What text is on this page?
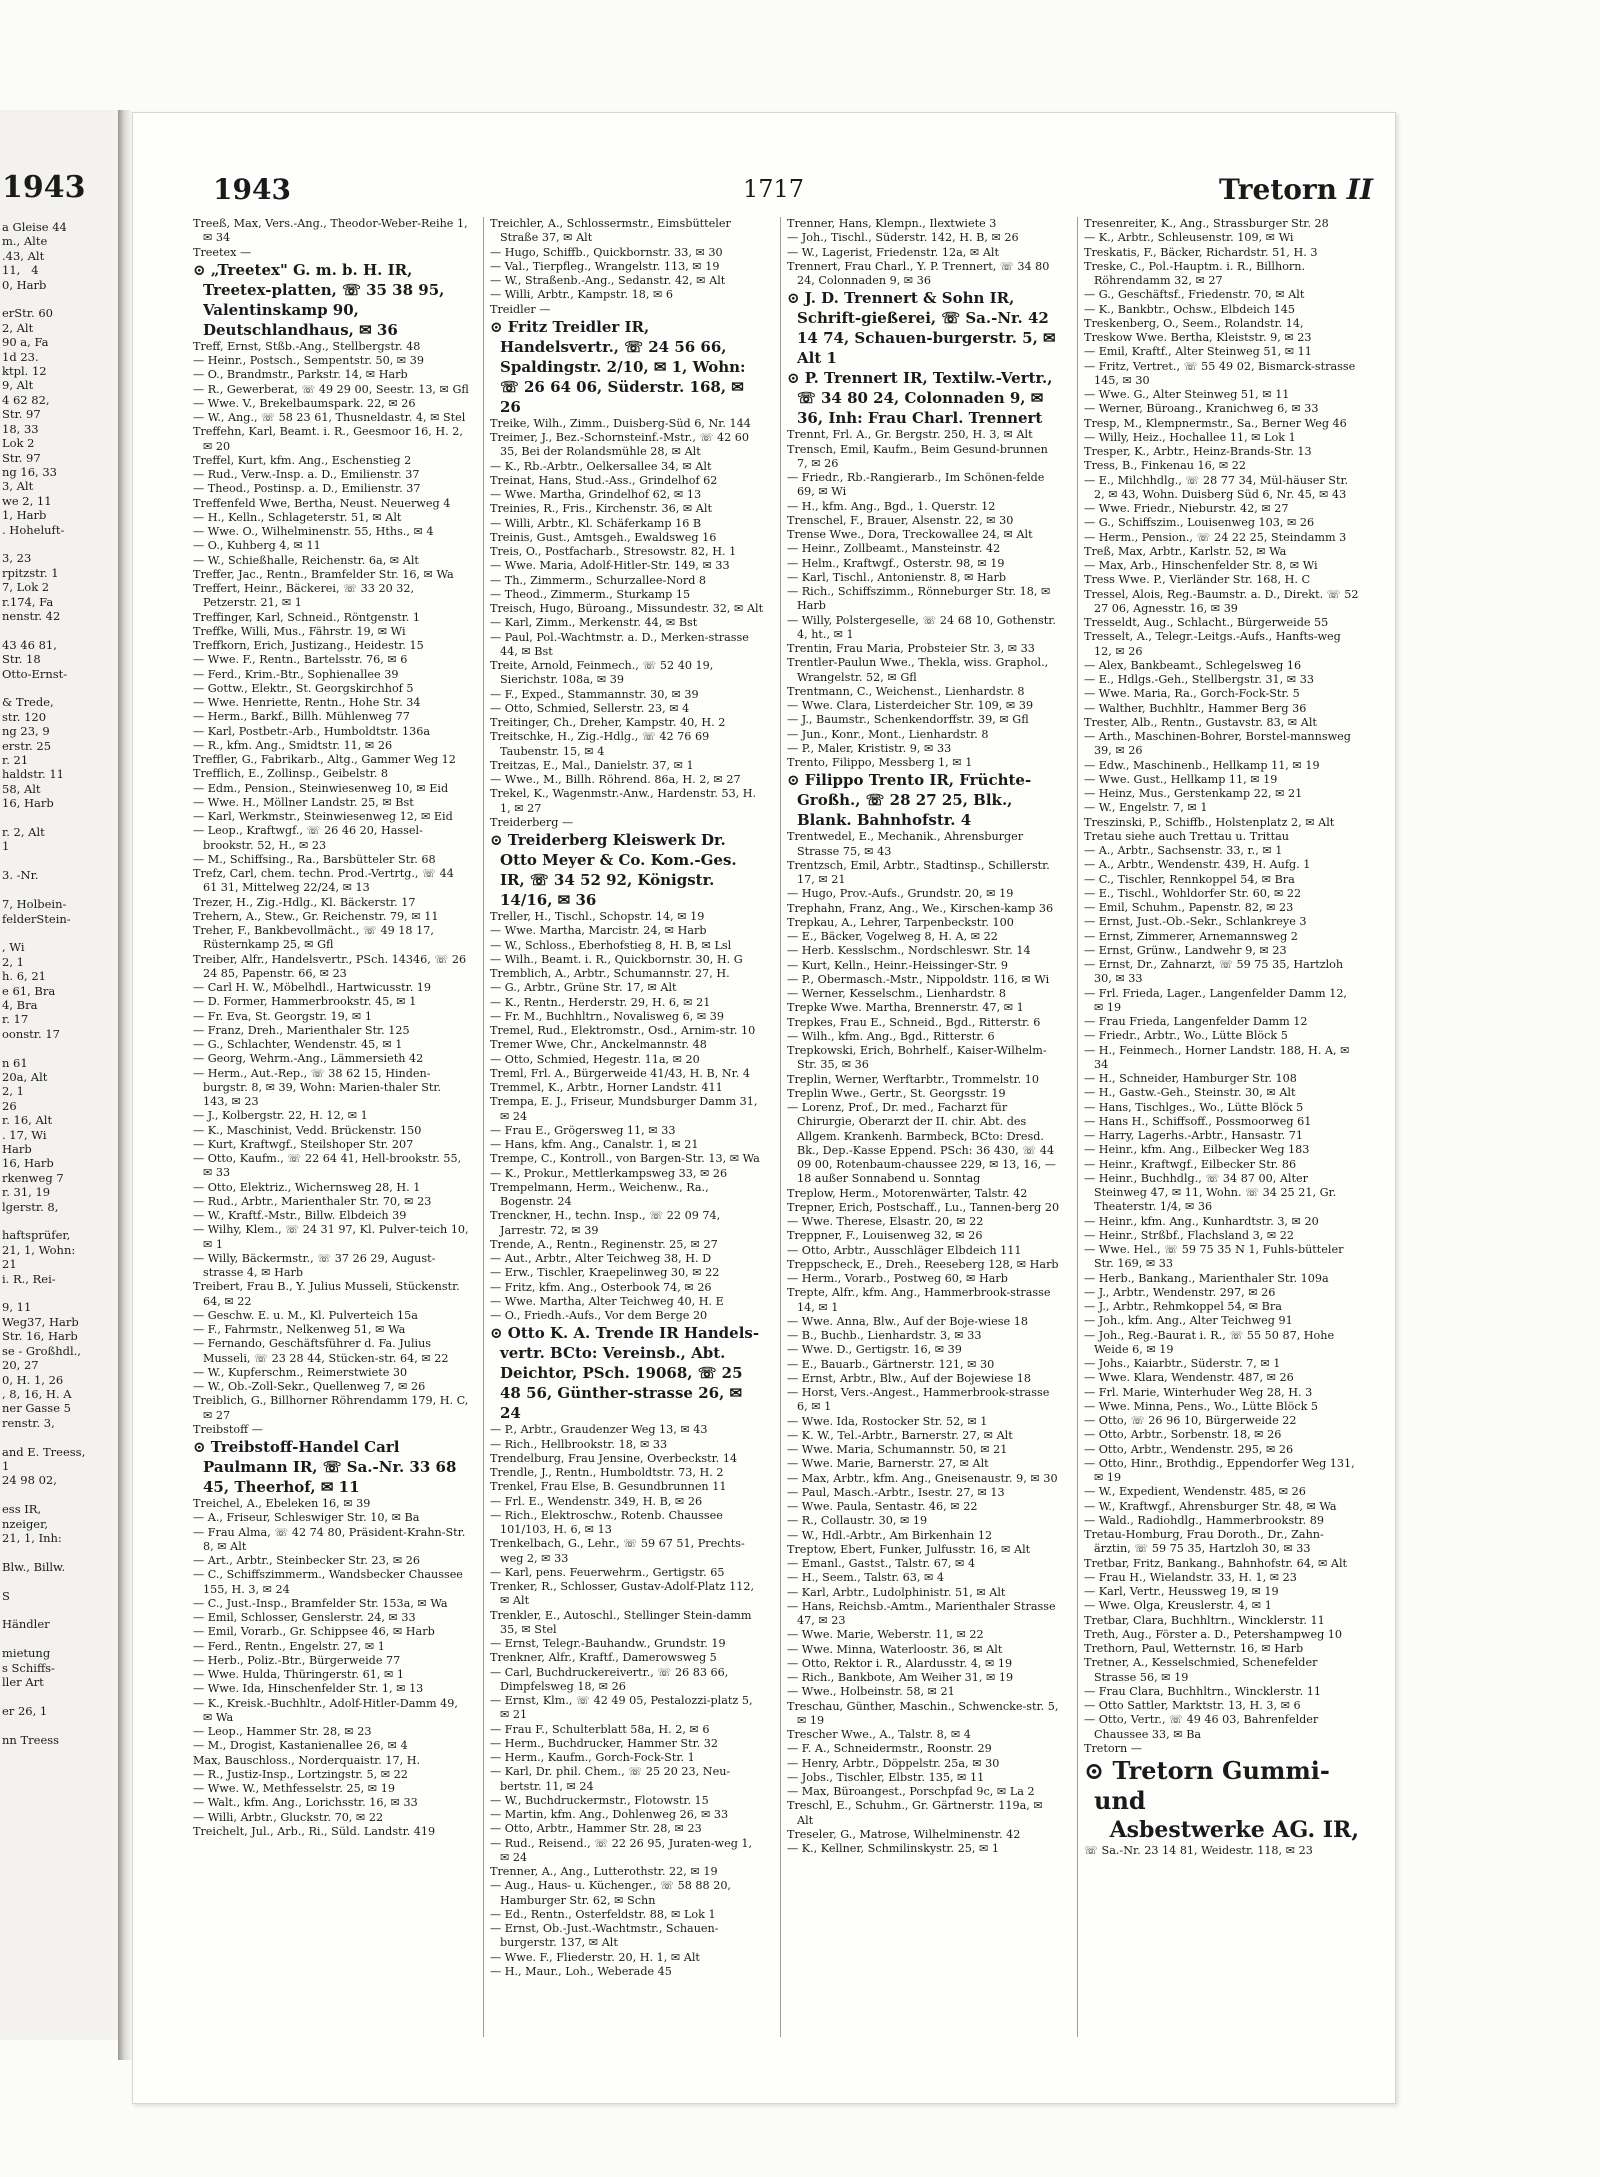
1943
a Gleise 44
m., Alte
.43, Alt
11,   4
0, Harb

erStr. 60
2, Alt
90 a, Fa
1d 23.
ktpl. 12
9, Alt
4 62 82,
Str. 97
18, 33
Lok 2
Str. 97
ng 16, 33
3, Alt
we 2, 11
1, Harb
. Hoheluft-

3, 23
rpitzstr. 1
7, Lok 2
r.174, Fa
nenstr. 42

43 46 81,
Str. 18
Otto-Ernst-

& Trede,
str. 120
ng 23, 9
erstr. 25
r. 21
haldstr. 11
58, Alt
16, Harb

r. 2, Alt
1

3. -Nr.

7, Holbein-
felderStein-

, Wi
2, 1
h. 6, 21
e 61, Bra
4, Bra
r. 17
oonstr. 17

n 61
20a, Alt
2, 1
26
r. 16, Alt
. 17, Wi
Harb
16, Harb
rkenweg 7
r. 31, 19
lgerstr. 8,

haftsprüfer,
21, 1, Wohn:
21
i. R., Rei-

9, 11
Weg37, Harb
Str. 16, Harb
se - Großhdl.,
20, 27
0, H. 1, 26
, 8, 16, H. A
ner Gasse 5
renstr. 3,

and E. Treess,
1
24 98 02,

ess IR,
nzeiger,
21, 1, Inh:

Blw., Billw.

S

Händler

mietung
s Schiffs-
ller Art

er 26, 1

nn Treess
1943	1717	Tretorn II

Treeß, Max, Vers.-Ang., Theodor-Weber-Reihe 1, ✉ 34

Treetex —

⊙ „Treetex" G. m. b. H. IR, Treetex-platten, ☏ 35 38 95, Valentinskamp 90, Deutschlandhaus, ✉ 36

Treff, Ernst, Stßb.-Ang., Stellbergstr. 48

— Heinr., Postsch., Sempentstr. 50, ✉ 39

— O., Brandmstr., Parkstr. 14, ✉ Harb

— R., Gewerberat, ☏ 49 29 00, Seestr. 13, ✉ Gfl

— Wwe. V., Brekelbaumspark. 22, ✉ 26

— W., Ang., ☏ 58 23 61, Thusneldastr. 4, ✉ Stel

Treffehn, Karl, Beamt. i. R., Geesmoor 16, H. 2, ✉ 20

Treffel, Kurt, kfm. Ang., Eschenstieg 2

— Rud., Verw.-Insp. a. D., Emilienstr. 37

— Theod., Postinsp. a. D., Emilienstr. 37

Treffenfeld Wwe, Bertha, Neust. Neuerweg 4

— H., Kelln., Schlageterstr. 51, ✉ Alt

— Wwe. O., Wilhelminenstr. 55, Hths., ✉ 4

— O., Kuhberg 4, ✉ 11

— W., Schießhalle, Reichenstr. 6a, ✉ Alt

Treffer, Jac., Rentn., Bramfelder Str. 16, ✉ Wa

Treffert, Heinr., Bäckerei, ☏ 33 20 32, Petzerstr. 21, ✉ 1

Treffinger, Karl, Schneid., Röntgenstr. 1

Treffke, Willi, Mus., Fährstr. 19, ✉ Wi

Treffkorn, Erich, Justizang., Heidestr. 15

— Wwe. F., Rentn., Bartelsstr. 76, ✉ 6

— Ferd., Krim.-Btr., Sophienallee 39

— Gottw., Elektr., St. Georgskirchhof 5

— Wwe. Henriette, Rentn., Hohe Str. 34

— Herm., Barkf., Billh. Mühlenweg 77

— Karl, Postbetr.-Arb., Humboldtstr. 136a

— R., kfm. Ang., Smidtstr. 11, ✉ 26

Treffler, G., Fabrikarb., Altg., Gammer Weg 12

Trefflich, E., Zollinsp., Geibelstr. 8

— Edm., Pension., Steinwiesenweg 10, ✉ Eid

— Wwe. H., Möllner Landstr. 25, ✉ Bst

— Karl, Werkmstr., Steinwiesenweg 12, ✉ Eid

— Leop., Kraftwgf., ☏ 26 46 20, Hassel-brookstr. 52, H., ✉ 23

— M., Schiffsing., Ra., Barsbütteler Str. 68

Trefz, Carl, chem. techn. Prod.-Vertrtg., ☏ 44 61 31, Mittelweg 22/24, ✉ 13

Trezer, H., Zig.-Hdlg., Kl. Bäckerstr. 17

Trehern, A., Stew., Gr. Reichenstr. 79, ✉ 11

Treher, F., Bankbevollmächt., ☏ 49 18 17, Rüsternkamp 25, ✉ Gfl

Treiber, Alfr., Handelsvertr., PSch. 14346, ☏ 26 24 85, Papenstr. 66, ✉ 23

— Carl H. W., Möbelhdl., Hartwicusstr. 19

— D. Former, Hammerbrookstr. 45, ✉ 1

— Fr. Eva, St. Georgstr. 19, ✉ 1

— Franz, Dreh., Marienthaler Str. 125

— G., Schlachter, Wendenstr. 45, ✉ 1

— Georg, Wehrm.-Ang., Lämmersieth 42

— Herm., Aut.-Rep., ☏ 38 62 15, Hinden-burgstr. 8, ✉ 39, Wohn: Marien-thaler Str. 143, ✉ 23

— J., Kolbergstr. 22, H. 12, ✉ 1

— K., Maschinist, Vedd. Brückenstr. 150

— Kurt, Kraftwgf., Steilshoper Str. 207

— Otto, Kaufm., ☏ 22 64 41, Hell-brookstr. 55, ✉ 33

— Otto, Elektriz., Wichernsweg 28, H. 1

— Rud., Arbtr., Marienthaler Str. 70, ✉ 23

— W., Kraftf.-Mstr., Billw. Elbdeich 39

— Wilhy, Klem., ☏ 24 31 97, Kl. Pulver-teich 10, ✉ 1

— Willy, Bäckermstr., ☏ 37 26 29, August-strasse 4, ✉ Harb

Treibert, Frau B., Y. Julius Musseli, Stückenstr. 64, ✉ 22

— Geschw. E. u. M., Kl. Pulverteich 15a

— F., Fahrmstr., Nelkenweg 51, ✉ Wa

— Fernando, Geschäftsführer d. Fa. Julius Musseli, ☏ 23 28 44, Stücken-str. 64, ✉ 22

— W., Kupferschm., Reimerstwiete 30

— W., Ob.-Zoll-Sekr., Quellenweg 7, ✉ 26

Treiblich, G., Billhorner Röhrendamm 179, H. C, ✉ 27

Treibstoff —

⊙ Treibstoff-Handel Carl Paulmann IR, ☏ Sa.-Nr. 33 68 45, Theerhof, ✉ 11

Treichel, A., Ebeleken 16, ✉ 39

— A., Friseur, Schleswiger Str. 10, ✉ Ba

— Frau Alma, ☏ 42 74 80, Präsident-Krahn-Str. 8, ✉ Alt

— Art., Arbtr., Steinbecker Str. 23, ✉ 26

— C., Schiffszimmerm., Wandsbecker Chaussee 155, H. 3, ✉ 24

— C., Just.-Insp., Bramfelder Str. 153a, ✉ Wa

— Emil, Schlosser, Genslerstr. 24, ✉ 33

— Emil, Vorarb., Gr. Schippsee 46, ✉ Harb

— Ferd., Rentn., Engelstr. 27, ✉ 1

— Herb., Poliz.-Btr., Bürgerweide 77

— Wwe. Hulda, Thüringerstr. 61, ✉ 1

— Wwe. Ida, Hinschenfelder Str. 1, ✉ 13

— K., Kreisk.-Buchhltr., Adolf-Hitler-Damm 49, ✉ Wa

— Leop., Hammer Str. 28, ✉ 23

— M., Drogist, Kastanienallee 26, ✉ 4

Max, Bauschloss., Norderquaistr. 17, H.

— R., Justiz-Insp., Lortzingstr. 5, ✉ 22

— Wwe. W., Methfesselstr. 25, ✉ 19

— Walt., kfm. Ang., Lorichsstr. 16, ✉ 33

— Willi, Arbtr., Gluckstr. 70, ✉ 22

Treichelt, Jul., Arb., Ri., Süld. Landstr. 419

Treichler, A., Schlossermstr., Eimsbütteler Straße 37, ✉ Alt

— Hugo, Schiffb., Quickbornstr. 33, ✉ 30

— Val., Tierpfleg., Wrangelstr. 113, ✉ 19

— W., Straßenb.-Ang., Sedanstr. 42, ✉ Alt

— Willi, Arbtr., Kampstr. 18, ✉ 6

Treidler —

⊙ Fritz Treidler IR, Handelsvertr., ☏ 24 56 66, Spaldingstr. 2/10, ✉ 1, Wohn: ☏ 26 64 06, Süderstr. 168, ✉ 26

Treike, Wilh., Zimm., Duisberg-Süd 6, Nr. 144

Treimer, J., Bez.-Schornsteinf.-Mstr., ☏ 42 60 35, Bei der Rolandsmühle 28, ✉ Alt

— K., Rb.-Arbtr., Oelkersallee 34, ✉ Alt

Treinat, Hans, Stud.-Ass., Grindelhof 62

— Wwe. Martha, Grindelhof 62, ✉ 13

Treinies, R., Fris., Kirchenstr. 36, ✉ Alt

— Willi, Arbtr., Kl. Schäferkamp 16 B

Treinis, Gust., Amtsgeh., Ewaldsweg 16

Treis, O., Postfacharb., Stresowstr. 82, H. 1

— Wwe. Maria, Adolf-Hitler-Str. 149, ✉ 33

— Th., Zimmerm., Schurzallee-Nord 8

— Theod., Zimmerm., Sturkamp 15

Treisch, Hugo, Büroang., Missundestr. 32, ✉ Alt

— Karl, Zimm., Merkenstr. 44, ✉ Bst

— Paul, Pol.-Wachtmstr. a. D., Merken-strasse 44, ✉ Bst

Treite, Arnold, Feinmech., ☏ 52 40 19, Sierichstr. 108a, ✉ 39

— F., Exped., Stammannstr. 30, ✉ 39

— Otto, Schmied, Sellerstr. 23, ✉ 4

Treitinger, Ch., Dreher, Kampstr. 40, H. 2

Treitschke, H., Zig.-Hdlg., ☏ 42 76 69 Taubenstr. 15, ✉ 4

Treitzas, E., Mal., Danielstr. 37, ✉ 1

— Wwe., M., Billh. Röhrend. 86a, H. 2, ✉ 27

Trekel, K., Wagenmstr.-Anw., Hardenstr. 53, H. 1, ✉ 27

Treiderberg —

⊙ Treiderberg Kleiswerk Dr. Otto Meyer & Co. Kom.-Ges. IR, ☏ 34 52 92, Königstr. 14/16, ✉ 36

Treller, H., Tischl., Schopstr. 14, ✉ 19

— Wwe. Martha, Marcistr. 24, ✉ Harb

— W., Schloss., Eberhofstieg 8, H. B, ✉ Lsl

— Wilh., Beamt. i. R., Quickbornstr. 30, H. G

Tremblich, A., Arbtr., Schumannstr. 27, H.

— G., Arbtr., Grüne Str. 17, ✉ Alt

— K., Rentn., Herderstr. 29, H. 6, ✉ 21

— Fr. M., Buchhltrn., Novalisweg 6, ✉ 39

Tremel, Rud., Elektromstr., Osd., Arnim-str. 10

Tremer Wwe, Chr., Anckelmannstr. 48

— Otto, Schmied, Hegestr. 11a, ✉ 20

Treml, Frl. A., Bürgerweide 41/43, H. B, Nr. 4

Tremmel, K., Arbtr., Horner Landstr. 411

Trempa, E. J., Friseur, Mundsburger Damm 31, ✉ 24

— Frau E., Grögersweg 11, ✉ 33

— Hans, kfm. Ang., Canalstr. 1, ✉ 21

Trempe, C., Kontroll., von Bargen-Str. 13, ✉ Wa

— K., Prokur., Mettlerkampsweg 33, ✉ 26

Trempelmann, Herm., Weichenw., Ra., Bogenstr. 24

Trenckner, H., techn. Insp., ☏ 22 09 74, Jarrestr. 72, ✉ 39

Trende, A., Rentn., Reginenstr. 25, ✉ 27

— Aut., Arbtr., Alter Teichweg 38, H. D

— Erw., Tischler, Kraepelinweg 30, ✉ 22

— Fritz, kfm. Ang., Osterbook 74, ✉ 26

— Wwe. Martha, Alter Teichweg 40, H. E

— O., Friedh.-Aufs., Vor dem Berge 20

⊙ Otto K. A. Trende IR Handels-vertr. BCto: Vereinsb., Abt. Deichtor, PSch. 19068, ☏ 25 48 56, Günther-strasse 26, ✉ 24

— P., Arbtr., Graudenzer Weg 13, ✉ 43

— Rich., Hellbrookstr. 18, ✉ 33

Trendelburg, Frau Jensine, Overbeckstr. 14

Trendle, J., Rentn., Humboldtstr. 73, H. 2

Trenkel, Frau Else, B. Gesundbrunnen 11

— Frl. E., Wendenstr. 349, H. B, ✉ 26

— Rich., Elektroschw., Rotenb. Chaussee 101/103, H. 6, ✉ 13

Trenkelbach, G., Lehr., ☏ 59 67 51, Prechts-weg 2, ✉ 33

— Karl, pens. Feuerwehrm., Gertigstr. 65

Trenker, R., Schlosser, Gustav-Adolf-Platz 112, ✉ Alt

Trenkler, E., Autoschl., Stellinger Stein-damm 35, ✉ Stel

— Ernst, Telegr.-Bauhandw., Grundstr. 19

Trenkner, Alfr., Kraftf., Damerowsweg 5

— Carl, Buchdruckereivertr., ☏ 26 83 66, Dimpfelsweg 18, ✉ 26

— Ernst, Klm., ☏ 42 49 05, Pestalozzi-platz 5, ✉ 21

— Frau F., Schulterblatt 58a, H. 2, ✉ 6

— Herm., Buchdrucker, Hammer Str. 32

— Herm., Kaufm., Gorch-Fock-Str. 1

— Karl, Dr. phil. Chem., ☏ 25 20 23, Neu-bertstr. 11, ✉ 24

— W., Buchdruckermstr., Flotowstr. 15

— Martin, kfm. Ang., Dohlenweg 26, ✉ 33

— Otto, Arbtr., Hammer Str. 28, ✉ 23

— Rud., Reisend., ☏ 22 26 95, Juraten-weg 1, ✉ 24

Trenner, A., Ang., Lutterothstr. 22, ✉ 19

— Aug., Haus- u. Küchenger., ☏ 58 88 20, Hamburger Str. 62, ✉ Schn

— Ed., Rentn., Osterfeldstr. 88, ✉ Lok 1

— Ernst, Ob.-Just.-Wachtmstr., Schauen-burgerstr. 137, ✉ Alt

— Wwe. F., Fliederstr. 20, H. 1, ✉ Alt

— H., Maur., Loh., Weberade 45

Trenner, Hans, Klempn., Ilextwiete 3

— Joh., Tischl., Süderstr. 142, H. B, ✉ 26

— W., Lagerist, Friedenstr. 12a, ✉ Alt

Trennert, Frau Charl., Y. P. Trennert, ☏ 34 80 24, Colonnaden 9, ✉ 36

⊙ J. D. Trennert & Sohn IR, Schrift-gießerei, ☏ Sa.-Nr. 42 14 74, Schauen-burgerstr. 5, ✉ Alt 1

⊙ P. Trennert IR, Textilw.-Vertr., ☏ 34 80 24, Colonnaden 9, ✉ 36, Inh: Frau Charl. Trennert

Trennt, Frl. A., Gr. Bergstr. 250, H. 3, ✉ Alt

Trensch, Emil, Kaufm., Beim Gesund-brunnen 7, ✉ 26

— Friedr., Rb.-Rangierarb., Im Schönen-felde 69, ✉ Wi

— H., kfm. Ang., Bgd., 1. Querstr. 12

Trenschel, F., Brauer, Alsenstr. 22, ✉ 30

Trense Wwe., Dora, Treckowallee 24, ✉ Alt

— Heinr., Zollbeamt., Mansteinstr. 42

— Helm., Kraftwgf., Osterstr. 98, ✉ 19

— Karl, Tischl., Antonienstr. 8, ✉ Harb

— Rich., Schiffszimm., Rönneburger Str. 18, ✉ Harb

— Willy, Polstergeselle, ☏ 24 68 10, Gothenstr. 4, ht., ✉ 1

Trentin, Frau Maria, Probsteier Str. 3, ✉ 33

Trentler-Paulun Wwe., Thekla, wiss. Graphol., Wrangelstr. 52, ✉ Gfl

Trentmann, C., Weichenst., Lienhardstr. 8

— Wwe. Clara, Listerdeicher Str. 109, ✉ 39

— J., Baumstr., Schenkendorffstr. 39, ✉ Gfl

— Jun., Konr., Mont., Lienhardstr. 8

— P., Maler, Krististr. 9, ✉ 33

Trento, Filippo, Messberg 1, ✉ 1

⊙ Filippo Trento IR, Früchte-Großh., ☏ 28 27 25, Blk., Blank. Bahnhofstr. 4

Trentwedel, E., Mechanik., Ahrensburger Strasse 75, ✉ 43

Trentzsch, Emil, Arbtr., Stadtinsp., Schillerstr. 17, ✉ 21

— Hugo, Prov.-Aufs., Grundstr. 20, ✉ 19

Trephahn, Franz, Ang., We., Kirschen-kamp 36

Trepkau, A., Lehrer, Tarpenbeckstr. 100

— E., Bäcker, Vogelweg 8, H. A, ✉ 22

— Herb. Kesslschm., Nordschleswr. Str. 14

— Kurt, Kelln., Heinr.-Heissinger-Str. 9

— P., Obermasch.-Mstr., Nippoldstr. 116, ✉ Wi

— Werner, Kesselschm., Lienhardstr. 8

Trepke Wwe. Martha, Brennerstr. 47, ✉ 1

Trepkes, Frau E., Schneid., Bgd., Ritterstr. 6

— Wilh., kfm. Ang., Bgd., Ritterstr. 6

Trepkowski, Erich, Bohrhelf., Kaiser-Wilhelm-Str. 35, ✉ 36

Treplin, Werner, Werftarbtr., Trommelstr. 10

Treplin Wwe., Gertr., St. Georgsstr. 19

— Lorenz, Prof., Dr. med., Facharzt für Chirurgie, Oberarzt der II. chir. Abt. des Allgem. Krankenh. Barmbeck, BCto: Dresd. Bk., Dep.-Kasse Eppend. PSch: 36 430, ☏ 44 09 00, Rotenbaum-chaussee 229, ✉ 13, 16, — 18 außer Sonnabend u. Sonntag

Treplow, Herm., Motorenwärter, Talstr. 42

Trepner, Erich, Postschaff., Lu., Tannen-berg 20

— Wwe. Therese, Elsastr. 20, ✉ 22

Treppner, F., Louisenweg 32, ✉ 26

— Otto, Arbtr., Ausschläger Elbdeich 111

Treppscheck, E., Dreh., Reeseberg 128, ✉ Harb

— Herm., Vorarb., Postweg 60, ✉ Harb

Trepte, Alfr., kfm. Ang., Hammerbrook-strasse 14, ✉ 1

— Wwe. Anna, Blw., Auf der Boje-wiese 18

— B., Buchb., Lienhardstr. 3, ✉ 33

— Wwe. D., Gertigstr. 16, ✉ 39

— E., Bauarb., Gärtnerstr. 121, ✉ 30

— Ernst, Arbtr., Blw., Auf der Bojewiese 18

— Horst, Vers.-Angest., Hammerbrook-strasse 6, ✉ 1

— Wwe. Ida, Rostocker Str. 52, ✉ 1

— K. W., Tel.-Arbtr., Barnerstr. 27, ✉ Alt

— Wwe. Maria, Schumannstr. 50, ✉ 21

— Wwe. Marie, Barnerstr. 27, ✉ Alt

— Max, Arbtr., kfm. Ang., Gneisenaustr. 9, ✉ 30

— Paul, Masch.-Arbtr., Isestr. 27, ✉ 13

— Wwe. Paula, Sentastr. 46, ✉ 22

— R., Collaustr. 30, ✉ 19

— W., Hdl.-Arbtr., Am Birkenhain 12

Treptow, Ebert, Funker, Julfusstr. 16, ✉ Alt

— Emanl., Gastst., Talstr. 67, ✉ 4

— H., Seem., Talstr. 63, ✉ 4

— Karl, Arbtr., Ludolphinistr. 51, ✉ Alt

— Hans, Reichsb.-Amtm., Marienthaler Strasse 47, ✉ 23

— Wwe. Marie, Weberstr. 11, ✉ 22

— Wwe. Minna, Waterloostr. 36, ✉ Alt

— Otto, Rektor i. R., Alardusstr. 4, ✉ 19

— Rich., Bankbote, Am Weiher 31, ✉ 19

— Wwe., Holbeinstr. 58, ✉ 21

Treschau, Günther, Maschin., Schwencke-str. 5, ✉ 19

Trescher Wwe., A., Talstr. 8, ✉ 4

— F. A., Schneidermstr., Roonstr. 29

— Henry, Arbtr., Döppelstr. 25a, ✉ 30

— Jobs., Tischler, Elbstr. 135, ✉ 11

— Max, Büroangest., Porschpfad 9c, ✉ La 2

Treschl, E., Schuhm., Gr. Gärtnerstr. 119a, ✉ Alt

Treseler, G., Matrose, Wilhelminenstr. 42

— K., Kellner, Schmilinskystr. 25, ✉ 1

Tresenreiter, K., Ang., Strassburger Str. 28

— K., Arbtr., Schleusenstr. 109, ✉ Wi

Treskatis, F., Bäcker, Richardstr. 51, H. 3

Treske, C., Pol.-Hauptm. i. R., Billhorn. Röhrendamm 32, ✉ 27

— G., Geschäftsf., Friedenstr. 70, ✉ Alt

— K., Bankbtr., Ochsw., Elbdeich 145

Treskenberg, O., Seem., Rolandstr. 14,

Treskow Wwe. Bertha, Kleiststr. 9, ✉ 23

— Emil, Kraftf., Alter Steinweg 51, ✉ 11

— Fritz, Vertret., ☏ 55 49 02, Bismarck-strasse 145, ✉ 30

— Wwe. G., Alter Steinweg 51, ✉ 11

— Werner, Büroang., Kranichweg 6, ✉ 33

Tresp, M., Klempnermstr., Sa., Berner Weg 46

— Willy, Heiz., Hochallee 11, ✉ Lok 1

Tresper, K., Arbtr., Heinz-Brands-Str. 13

Tress, B., Finkenau 16, ✉ 22

— E., Milchhdlg., ☏ 28 77 34, Mül-häuser Str. 2, ✉ 43, Wohn. Duisberg Süd 6, Nr. 45, ✉ 43

— Wwe. Friedr., Nieburstr. 42, ✉ 27

— G., Schiffszim., Louisenweg 103, ✉ 26

— Herm., Pension., ☏ 24 22 25, Steindamm 3

Treß, Max, Arbtr., Karlstr. 52, ✉ Wa

— Max, Arb., Hinschenfelder Str. 8, ✉ Wi

Tress Wwe. P., Vierländer Str. 168, H. C

Tressel, Alois, Reg.-Baumstr. a. D., Direkt. ☏ 52 27 06, Agnesstr. 16, ✉ 39

Tresseldt, Aug., Schlacht., Bürgerweide 55

Tresselt, A., Telegr.-Leitgs.-Aufs., Hanfts-weg 12, ✉ 26

— Alex, Bankbeamt., Schlegelsweg 16

— E., Hdlgs.-Geh., Stellbergstr. 31, ✉ 33

— Wwe. Maria, Ra., Gorch-Fock-Str. 5

— Walther, Buchhltr., Hammer Berg 36

Trester, Alb., Rentn., Gustavstr. 83, ✉ Alt

— Arth., Maschinen-Bohrer, Borstel-mannsweg 39, ✉ 26

— Edw., Maschinenb., Hellkamp 11, ✉ 19

— Wwe. Gust., Hellkamp 11, ✉ 19

— Heinz, Mus., Gerstenkamp 22, ✉ 21

— W., Engelstr. 7, ✉ 1

Treszinski, P., Schiffb., Holstenplatz 2, ✉ Alt

Tretau siehe auch Trettau u. Trittau

— A., Arbtr., Sachsenstr. 33, r., ✉ 1

— A., Arbtr., Wendenstr. 439, H. Aufg. 1

— C., Tischler, Rennkoppel 54, ✉ Bra

— E., Tischl., Wohldorfer Str. 60, ✉ 22

— Emil, Schuhm., Papenstr. 82, ✉ 23

— Ernst, Just.-Ob.-Sekr., Schlankreye 3

— Ernst, Zimmerer, Arnemannsweg 2

— Ernst, Grünw., Landwehr 9, ✉ 23

— Ernst, Dr., Zahnarzt, ☏ 59 75 35, Hartzloh 30, ✉ 33

— Frl. Frieda, Lager., Langenfelder Damm 12, ✉ 19

— Frau Frieda, Langenfelder Damm 12

— Friedr., Arbtr., Wo., Lütte Blöck 5

— H., Feinmech., Horner Landstr. 188, H. A, ✉ 34

— H., Schneider, Hamburger Str. 108

— H., Gastw.-Geh., Steinstr. 30, ✉ Alt

— Hans, Tischlges., Wo., Lütte Blöck 5

— Hans H., Schiffsoff., Possmoorweg 61

— Harry, Lagerhs.-Arbtr., Hansastr. 71

— Heinr., kfm. Ang., Eilbecker Weg 183

— Heinr., Kraftwgf., Eilbecker Str. 86

— Heinr., Buchhdlg., ☏ 34 87 00, Alter Steinweg 47, ✉ 11, Wohn. ☏ 34 25 21, Gr. Theaterstr. 1/4, ✉ 36

— Heinr., kfm. Ang., Kunhardtstr. 3, ✉ 20

— Heinr., Strßbf., Flachsland 3, ✉ 22

— Wwe. Hel., ☏ 59 75 35 N 1, Fuhls-bütteler Str. 169, ✉ 33

— Herb., Bankang., Marienthaler Str. 109a

— J., Arbtr., Wendenstr. 297, ✉ 26

— J., Arbtr., Rehmkoppel 54, ✉ Bra

— Joh., kfm. Ang., Alter Teichweg 91

— Joh., Reg.-Baurat i. R., ☏ 55 50 87, Hohe Weide 6, ✉ 19

— Johs., Kaiarbtr., Süderstr. 7, ✉ 1

— Wwe. Klara, Wendenstr. 487, ✉ 26

— Frl. Marie, Winterhuder Weg 28, H. 3

— Wwe. Minna, Pens., Wo., Lütte Blöck 5

— Otto, ☏ 26 96 10, Bürgerweide 22

— Otto, Arbtr., Sorbenstr. 18, ✉ 26

— Otto, Arbtr., Wendenstr. 295, ✉ 26

— Otto, Hinr., Brothdig., Eppendorfer Weg 131, ✉ 19

— W., Expedient, Wendenstr. 485, ✉ 26

— W., Kraftwgf., Ahrensburger Str. 48, ✉ Wa

— Wald., Radiohdlg., Hammerbrookstr. 89

Tretau-Homburg, Frau Doroth., Dr., Zahn-ärztin, ☏ 59 75 35, Hartzloh 30, ✉ 33

Tretbar, Fritz, Bankang., Bahnhofstr. 64, ✉ Alt

— Frau H., Wielandstr. 33, H. 1, ✉ 23

— Karl, Vertr., Heussweg 19, ✉ 19

— Wwe. Olga, Kreuslerstr. 4, ✉ 1

Tretbar, Clara, Buchhltrn., Wincklerstr. 11

Treth, Aug., Förster a. D., Petershampweg 10

Trethorn, Paul, Wetternstr. 16, ✉ Harb

Tretner, A., Kesselschmied, Schenefelder Strasse 56, ✉ 19

— Frau Clara, Buchhltrn., Wincklerstr. 11

— Otto Sattler, Marktstr. 13, H. 3, ✉ 6

— Otto, Vertr., ☏ 49 46 03, Bahrenfelder Chaussee 33, ✉ Ba

Tretorn —

⊙ Tretorn Gummi- und

Asbestwerke AG. IR,

☏ Sa.-Nr. 23 14 81, Weidestr. 118, ✉ 23
